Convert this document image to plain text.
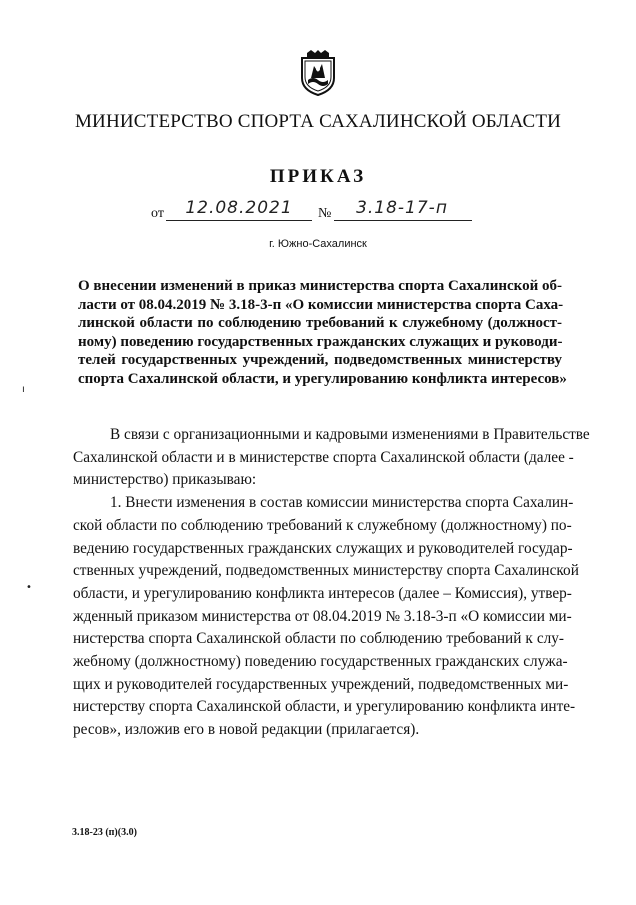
МИНИСТЕРСТВО СПОРТА САХАЛИНСКОЙ ОБЛАСТИ
ПРИКАЗ
от	12.08.2021	№	3.18-17-п
г. Южно-Сахалинск
О внесении изменений в приказ министерства спорта Сахалинской об-
ласти от 08.04.2019 № 3.18-3-п «О комиссии министерства спорта Саха-
линской области по соблюдению требований к служебному (должност-
ному) поведению государственных гражданских служащих и руководи-
телей государственных учреждений, подведомственных министерству
спорта Сахалинской области, и урегулированию конфликта интересов»
ı
•
В связи с организационными и кадровыми изменениями в Правительстве
Сахалинской области и в министерстве спорта Сахалинской области (далее -
министерство) приказываю:
1. Внести изменения в состав комиссии министерства спорта Сахалин-
ской области по соблюдению требований к служебному (должностному) по-
ведению государственных гражданских служащих и руководителей государ-
ственных учреждений, подведомственных министерству спорта Сахалинской
области, и урегулированию конфликта интересов (далее – Комиссия), утвер-
жденный приказом министерства от 08.04.2019 № 3.18-3-п «О комиссии ми-
нистерства спорта Сахалинской области по соблюдению требований к слу-
жебному (должностному) поведению государственных гражданских служа-
щих и руководителей государственных учреждений, подведомственных ми-
нистерству спорта Сахалинской области, и урегулированию конфликта инте-
ресов», изложив его в новой редакции (прилагается).
3.18-23 (п)(3.0)
